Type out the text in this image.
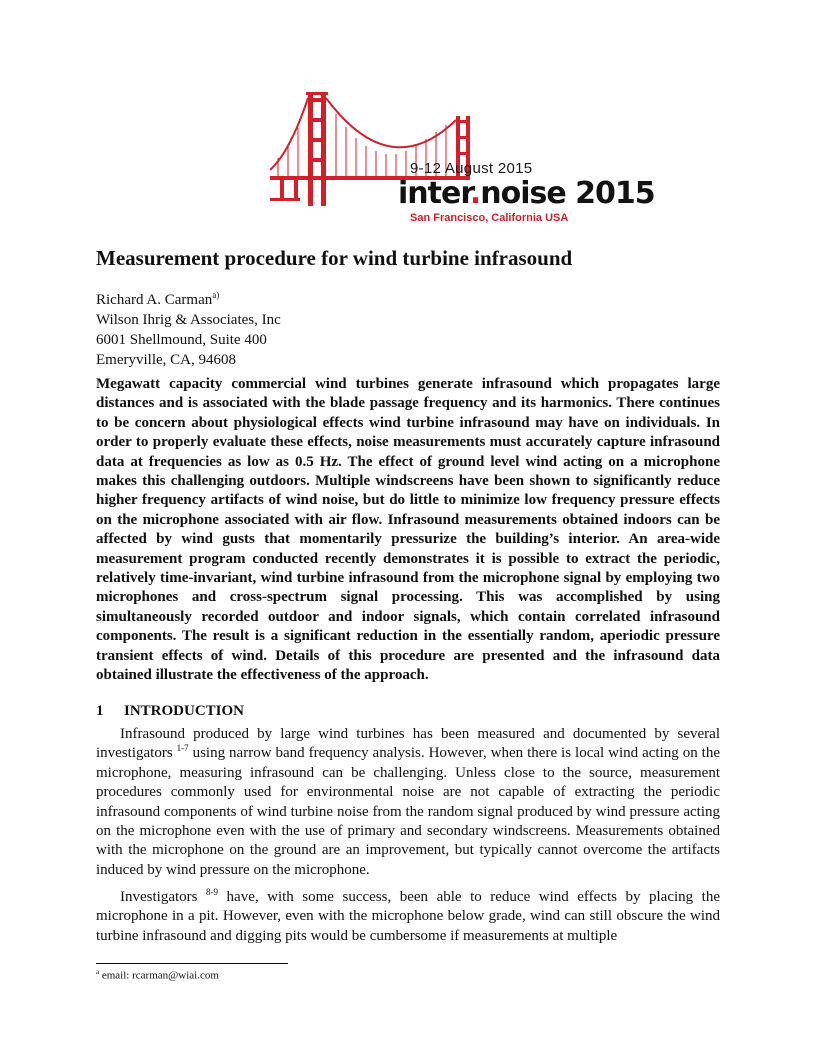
9-12 August 2015
inter.noise 2015
San Francisco, California USA
Measurement procedure for wind turbine infrasound
Richard A. Carman$^{a)}$
Wilson Ihrig & Associates, Inc
6001 Shellmound, Suite 400
Emeryville, CA, 94608

Megawatt capacity commercial wind turbines generate infrasound which propagates large distances and is associated with the blade passage frequency and its harmonics. There continues to be concern about physiological effects wind turbine infrasound may have on individuals. In order to properly evaluate these effects, noise measurements must accurately capture infrasound data at frequencies as low as 0.5 Hz. The effect of ground level wind acting on a microphone makes this challenging outdoors. Multiple windscreens have been shown to significantly reduce higher frequency artifacts of wind noise, but do little to minimize low frequency pressure effects on the microphone associated with air flow. Infrasound measurements obtained indoors can be affected by wind gusts that momentarily pressurize the building’s interior. An area-wide measurement program conducted recently demonstrates it is possible to extract the periodic, relatively time-invariant, wind turbine infrasound from the microphone signal by employing two microphones and cross-spectrum signal processing. This was accomplished by using simultaneously recorded outdoor and indoor signals, which contain correlated infrasound components. The result is a significant reduction in the essentially random, aperiodic pressure transient effects of wind. Details of this procedure are presented and the infrasound data obtained illustrate the effectiveness of the approach.

1 INTRODUCTION

Infrasound produced by large wind turbines has been measured and documented by several investigators $^{1-7}$ using narrow band frequency analysis. However, when there is local wind acting on the microphone, measuring infrasound can be challenging. Unless close to the source, measurement procedures commonly used for environmental noise are not capable of extracting the periodic infrasound components of wind turbine noise from the random signal produced by wind pressure acting on the microphone even with the use of primary and secondary windscreens. Measurements obtained with the microphone on the ground are an improvement, but typically cannot overcome the artifacts induced by wind pressure on the microphone.

Investigators $^{8-9}$ have, with some success, been able to reduce wind effects by placing the microphone in a pit. However, even with the microphone below grade, wind can still obscure the wind turbine infrasound and digging pits would be cumbersome if measurements at multiple

$^a$ email: rcarman@wiai.com
